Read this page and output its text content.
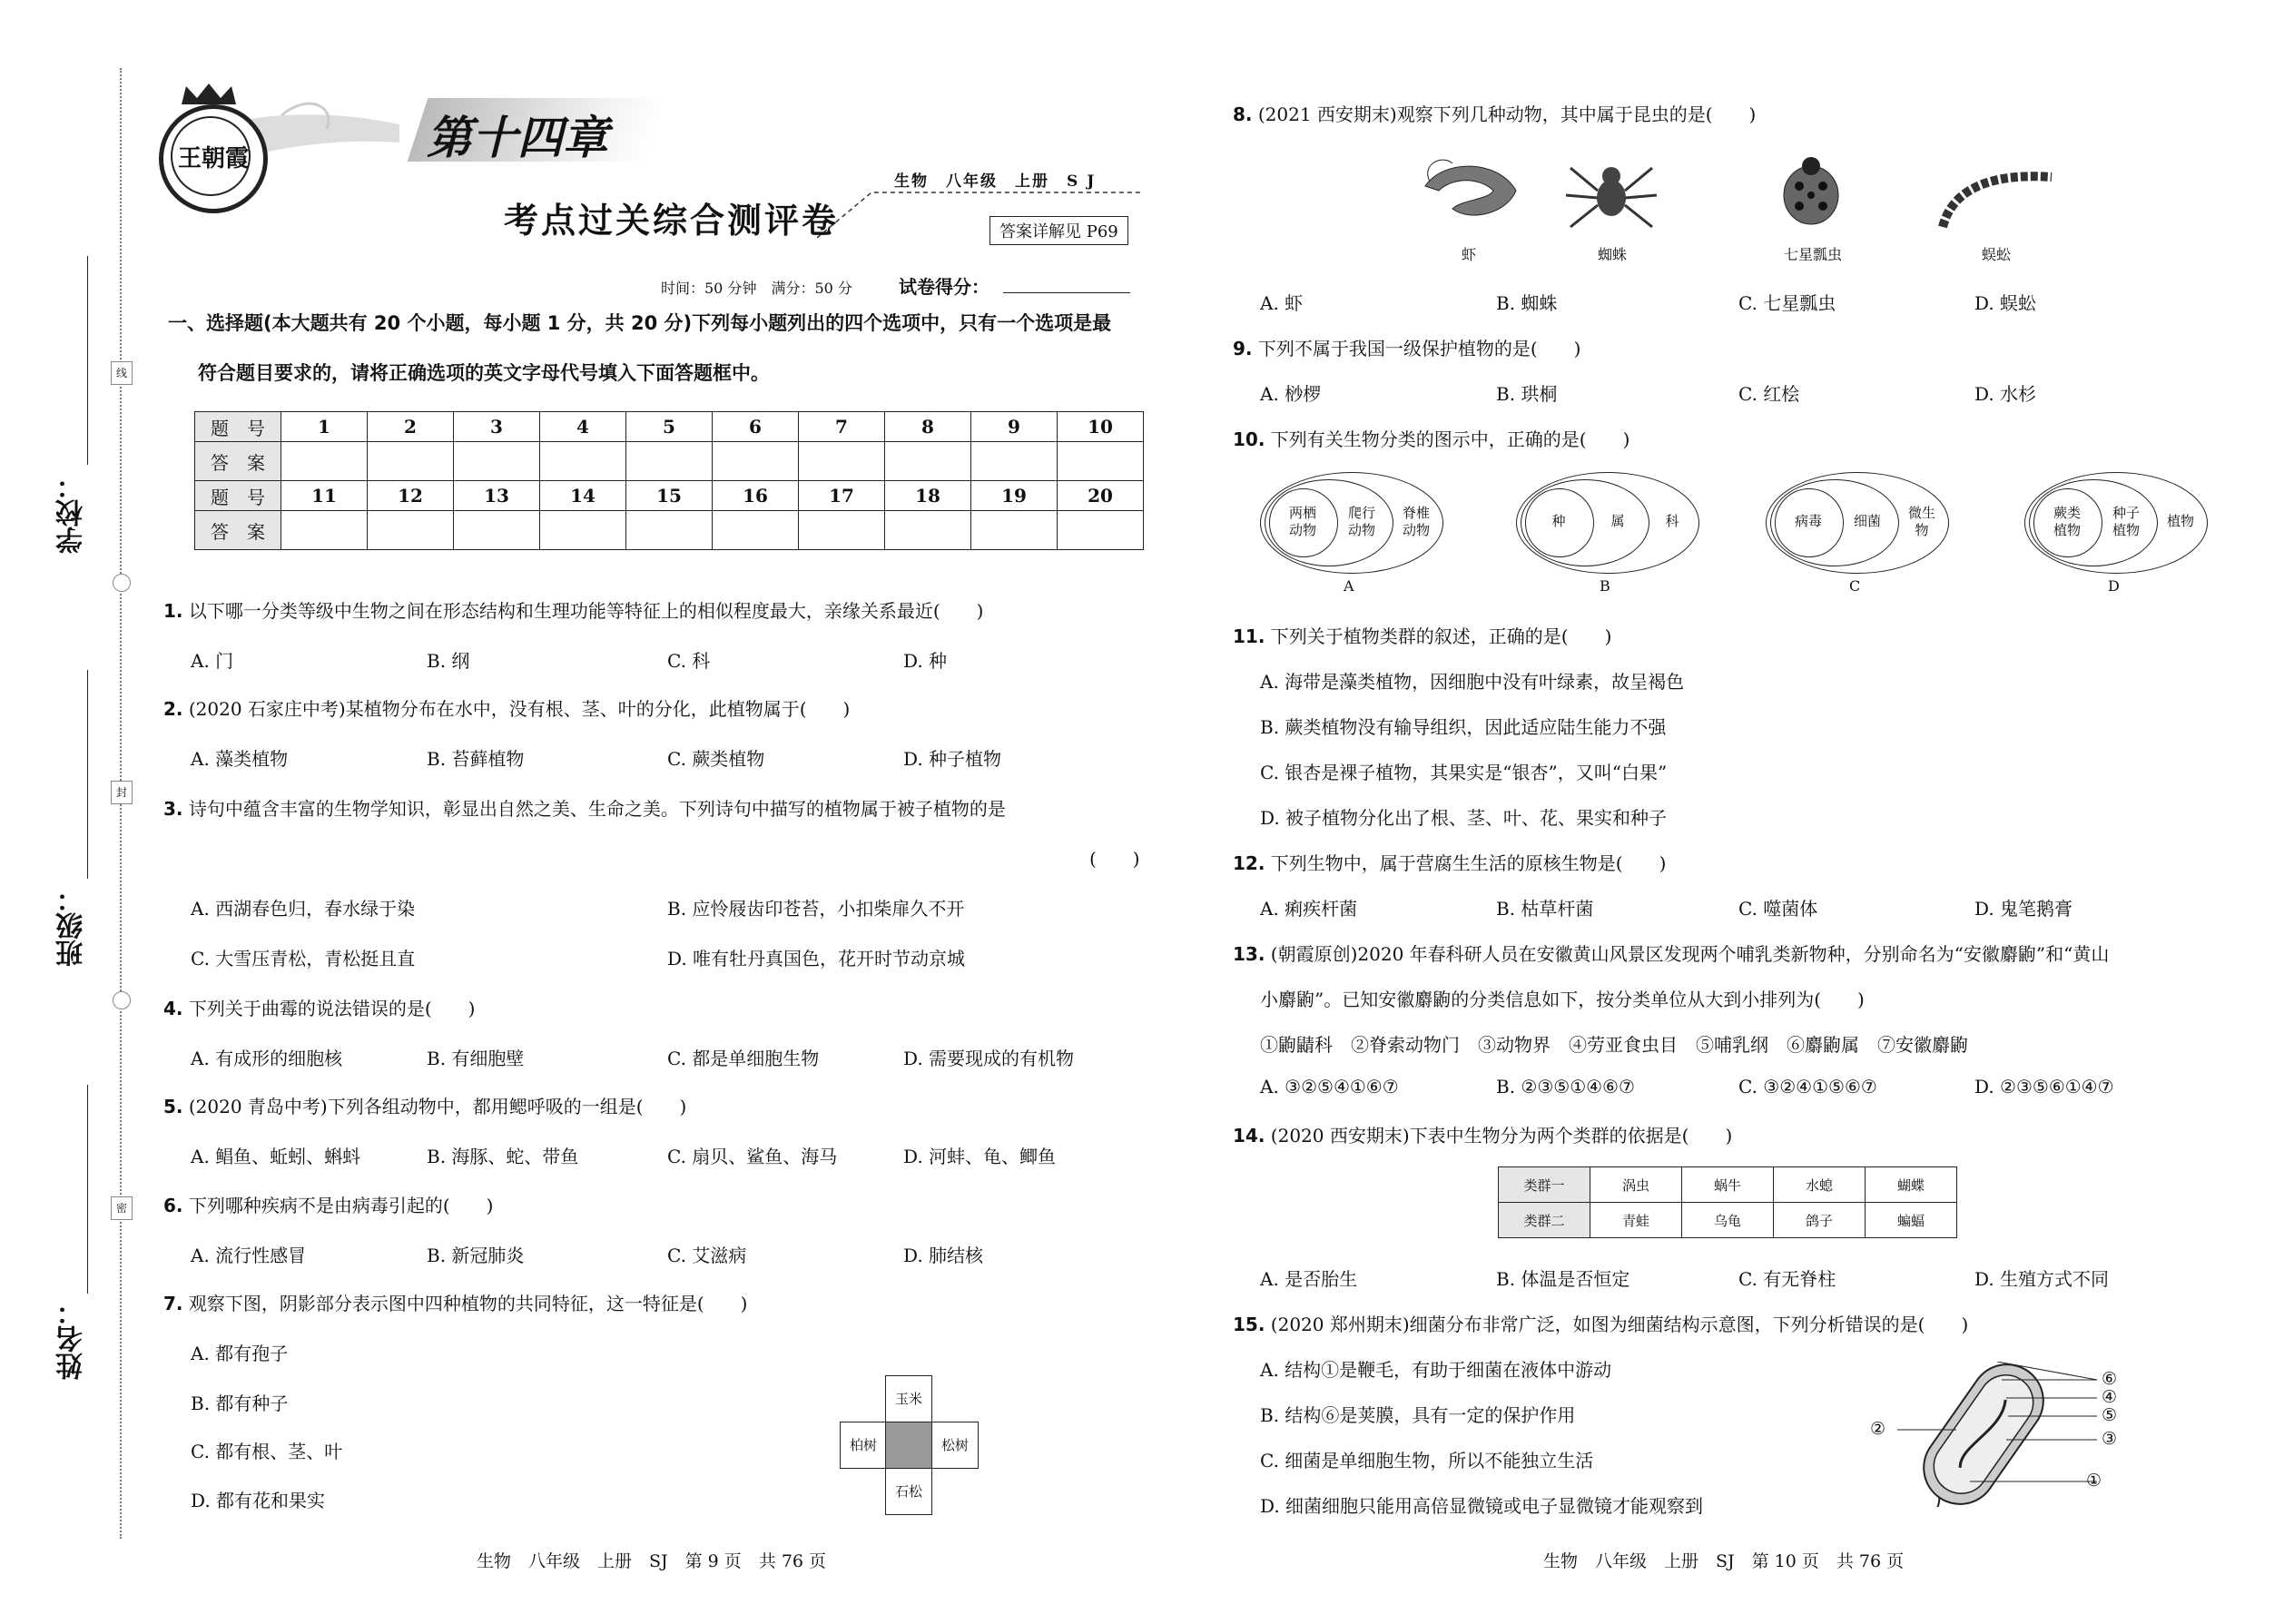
线
封
密
学校：
班级：
姓名：
王朝霞	第十四章
考点过关综合测评卷
生物　八年级　上册　S J
答案详解见 P69
时间：50 分钟　满分：50 分	试卷得分：
一、选择题(本大题共有 20 个小题，每小题 1 分，共 20 分)下列每小题列出的四个选项中，只有一个选项是最
符合题目要求的，请将正确选项的英文字母代号填入下面答题框中。
题　号	1	2	3	4	5	6	7	8	9	10
答　案										
题　号	11	12	13	14	15	16	17	18	19	20
答　案										
1. 以下哪一分类等级中生物之间在形态结构和生理功能等特征上的相似程度最大，亲缘关系最近(　　)
A. 门	B. 纲	C. 科	D. 种
2. (2020 石家庄中考)某植物分布在水中，没有根、茎、叶的分化，此植物属于(　　)
A. 藻类植物	B. 苔藓植物	C. 蕨类植物	D. 种子植物
3. 诗句中蕴含丰富的生物学知识，彰显出自然之美、生命之美。下列诗句中描写的植物属于被子植物的是
(　　)
A. 西湖春色归，春水绿于染	B. 应怜屐齿印苍苔，小扣柴扉久不开
C. 大雪压青松，青松挺且直	D. 唯有牡丹真国色，花开时节动京城
4. 下列关于曲霉的说法错误的是(　　)
A. 有成形的细胞核	B. 有细胞壁	C. 都是单细胞生物	D. 需要现成的有机物
5. (2020 青岛中考)下列各组动物中，都用鳃呼吸的一组是(　　)
A. 鲳鱼、蚯蚓、蝌蚪	B. 海豚、蛇、带鱼	C. 扇贝、鲨鱼、海马	D. 河蚌、龟、鲫鱼
6. 下列哪种疾病不是由病毒引起的(　　)
A. 流行性感冒	B. 新冠肺炎	C. 艾滋病	D. 肺结核
7. 观察下图，阴影部分表示图中四种植物的共同特征，这一特征是(　　)
A. 都有孢子
B. 都有种子
C. 都有根、茎、叶
D. 都有花和果实
玉米
柏树	松树
石松
生物　八年级　上册　SJ　第 9 页　共 76 页
8. (2021 西安期末)观察下列几种动物，其中属于昆虫的是(　　)
虾	蜘蛛	七星瓢虫	蜈蚣
A. 虾	B. 蜘蛛	C. 七星瓢虫	D. 蜈蚣
9. 下列不属于我国一级保护植物的是(　　)
A. 桫椤	B. 珙桐	C. 红桧	D. 水杉
10. 下列有关生物分类的图示中，正确的是(　　)
两栖
动物
爬行
动物
脊椎
动物
A
种	属	科
B
病毒	细菌	微生
物
C
蕨类
植物
种子
植物
植物
D
11. 下列关于植物类群的叙述，正确的是(　　)
A. 海带是藻类植物，因细胞中没有叶绿素，故呈褐色
B. 蕨类植物没有输导组织，因此适应陆生能力不强
C. 银杏是裸子植物，其果实是“银杏”，又叫“白果”
D. 被子植物分化出了根、茎、叶、花、果实和种子
12. 下列生物中，属于营腐生生活的原核生物是(　　)
A. 痢疾杆菌	B. 枯草杆菌	C. 噬菌体	D. 鬼笔鹅膏
13. (朝霞原创)2020 年春科研人员在安徽黄山风景区发现两个哺乳类新物种，分别命名为“安徽麝鼩”和“黄山
小麝鼩”。已知安徽麝鼩的分类信息如下，按分类单位从大到小排列为(　　)
①鼩鼱科　②脊索动物门　③动物界　④劳亚食虫目　⑤哺乳纲　⑥麝鼩属　⑦安徽麝鼩
A. ③②⑤④①⑥⑦	B. ②③⑤①④⑥⑦	C. ③②④①⑤⑥⑦	D. ②③⑤⑥①④⑦
14. (2020 西安期末)下表中生物分为两个类群的依据是(　　)
类群一	涡虫	蜗牛	水螅	蝴蝶
类群二	青蛙	乌龟	鸽子	蝙蝠
A. 是否胎生	B. 体温是否恒定	C. 有无脊柱	D. 生殖方式不同
15. (2020 郑州期末)细菌分布非常广泛，如图为细菌结构示意图，下列分析错误的是(　　)
A. 结构①是鞭毛，有助于细菌在液体中游动
B. 结构⑥是荚膜，具有一定的保护作用
C. 细菌是单细胞生物，所以不能独立生活
D. 细菌细胞只能用高倍显微镜或电子显微镜才能观察到
⑥
④
⑤
③
①
②
生物　八年级　上册　SJ　第 10 页　共 76 页
